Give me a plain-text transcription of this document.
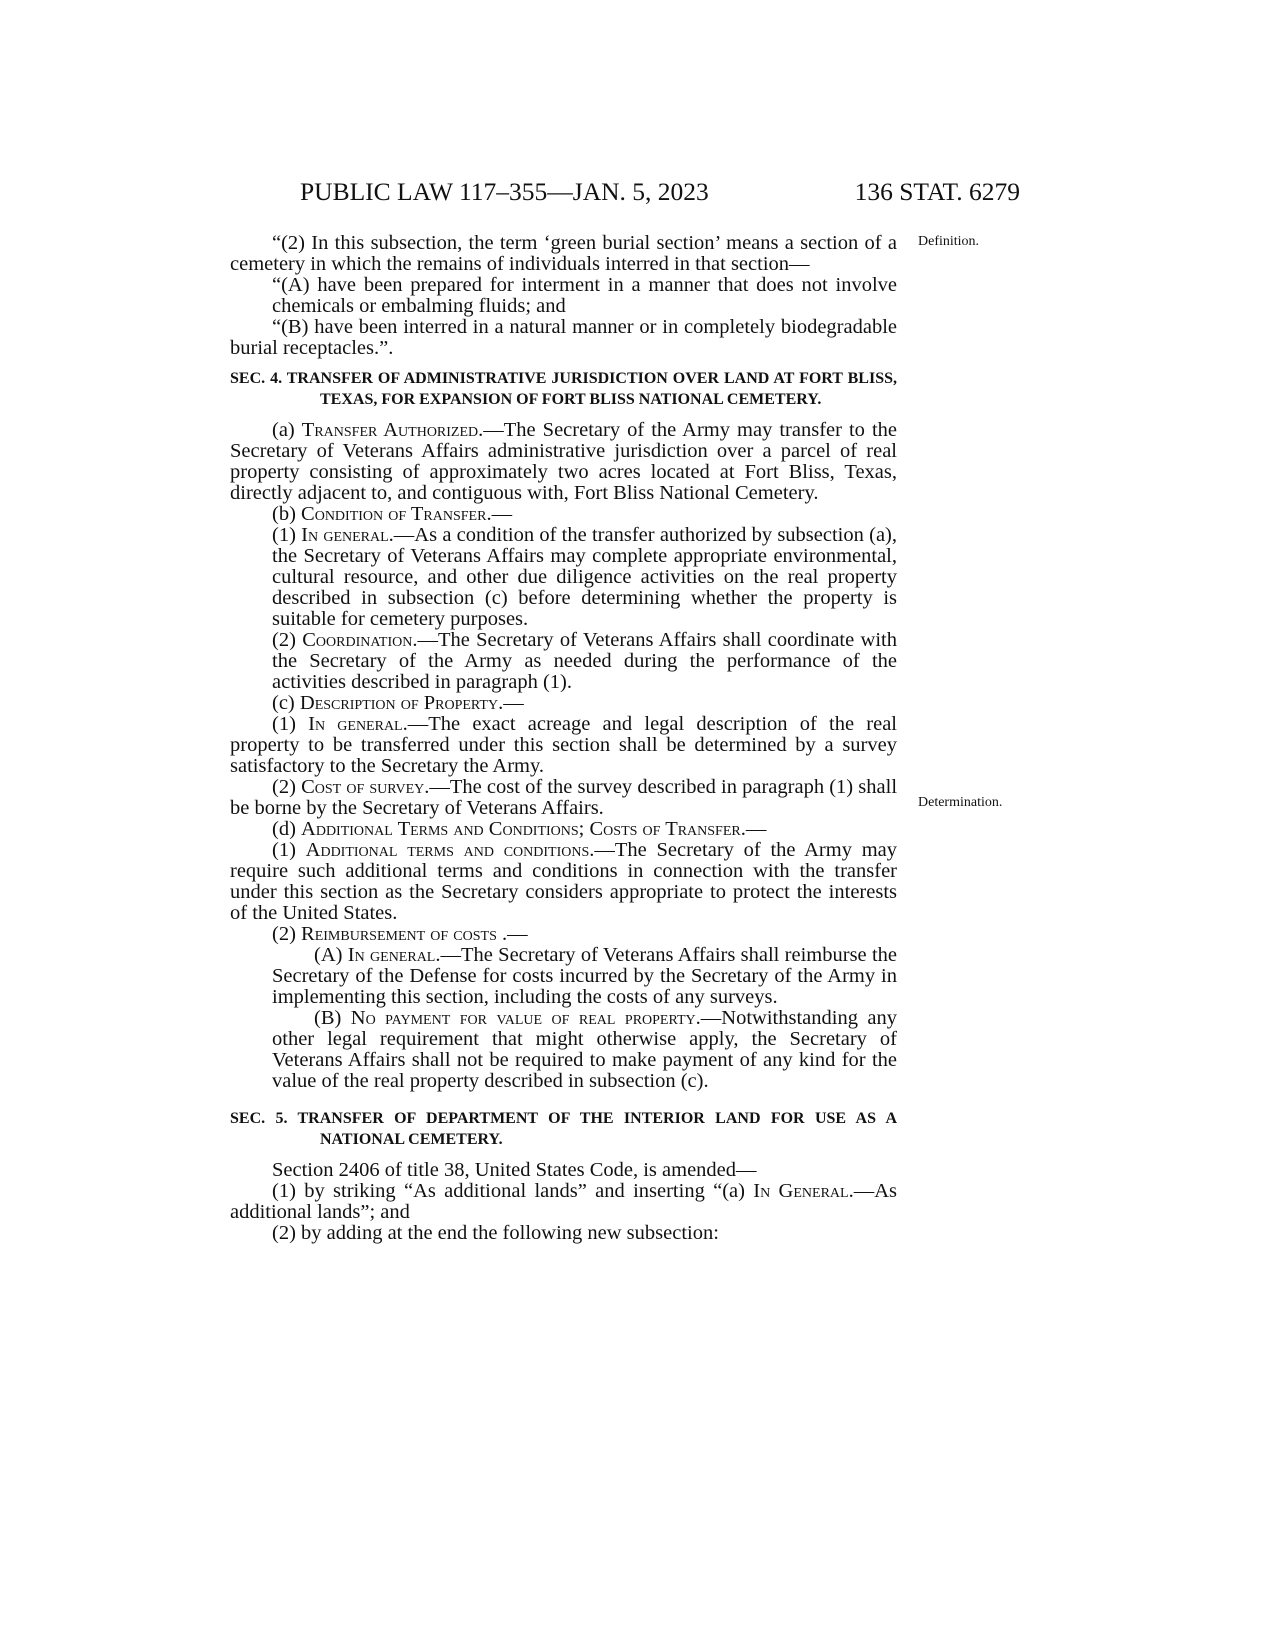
PUBLIC LAW 117–355—JAN. 5, 2023	136 STAT. 6279
Definition.
Determination.

“(2) In this subsection, the term ‘green burial section’ means a section of a cemetery in which the remains of individuals interred in that section—

“(A) have been prepared for interment in a manner that does not involve chemicals or embalming fluids; and

“(B) have been interred in a natural manner or in completely biodegradable burial receptacles.”.

SEC. 4. TRANSFER OF ADMINISTRATIVE JURISDICTION OVER LAND AT FORT BLISS, TEXAS, FOR EXPANSION OF FORT BLISS NATIONAL CEMETERY.

(a) Transfer Authorized.—The Secretary of the Army may transfer to the Secretary of Veterans Affairs administrative jurisdiction over a parcel of real property consisting of approximately two acres located at Fort Bliss, Texas, directly adjacent to, and contiguous with, Fort Bliss National Cemetery.

(b) Condition of Transfer.—

(1) In general.—As a condition of the transfer authorized by subsection (a), the Secretary of Veterans Affairs may complete appropriate environmental, cultural resource, and other due diligence activities on the real property described in subsection (c) before determining whether the property is suitable for cemetery purposes.

(2) Coordination.—The Secretary of Veterans Affairs shall coordinate with the Secretary of the Army as needed during the performance of the activities described in paragraph (1).

(c) Description of Property.—

(1) In general.—The exact acreage and legal description of the real property to be transferred under this section shall be determined by a survey satisfactory to the Secretary the Army.

(2) Cost of survey.—The cost of the survey described in paragraph (1) shall be borne by the Secretary of Veterans Affairs.

(d) Additional Terms and Conditions; Costs of Transfer.—

(1) Additional terms and conditions.—The Secretary of the Army may require such additional terms and conditions in connection with the transfer under this section as the Secretary considers appropriate to protect the interests of the United States.

(2) Reimbursement of costs .—

(A) In general.—The Secretary of Veterans Affairs shall reimburse the Secretary of the Defense for costs incurred by the Secretary of the Army in implementing this section, including the costs of any surveys.

(B) No payment for value of real property.—Notwithstanding any other legal requirement that might otherwise apply, the Secretary of Veterans Affairs shall not be required to make payment of any kind for the value of the real property described in subsection (c).

SEC. 5. TRANSFER OF DEPARTMENT OF THE INTERIOR LAND FOR USE AS A NATIONAL CEMETERY.

Section 2406 of title 38, United States Code, is amended—

(1) by striking “As additional lands” and inserting “(a) In General.—As additional lands”; and

(2) by adding at the end the following new subsection:
